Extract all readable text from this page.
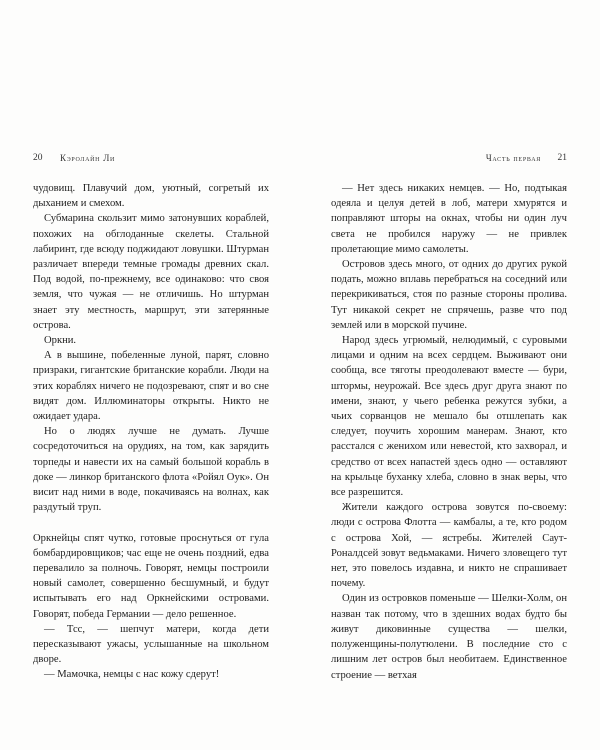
20 Кэролайн Ли

чудовищ. Плавучий дом, уютный, согретый их дыханием и смехом.

Субмарина скользит мимо затонувших кораблей, похожих на обглоданные скелеты. Стальной лабиринт, где всюду поджидают ловушки. Штурман различает впереди темные громады древних скал. Под водой, по-прежнему, все одинаково: что своя земля, что чужая — не отличишь. Но штурман знает эту местность, маршрут, эти затерянные острова.

Оркни.

А в вышине, побеленные луной, парят, словно призраки, гигантские британские корабли. Люди на этих кораблях ничего не подозревают, спят и во сне видят дом. Иллюминаторы открыты. Никто не ожидает удара.

Но о людях лучше не думать. Лучше сосредоточиться на орудиях, на том, как зарядить торпеды и навести их на самый большой корабль в доке — линкор британского флота «Ройял Оук». Он висит над ними в воде, покачиваясь на волнах, как раздутый труп.

Оркнейцы спят чутко, готовые проснуться от гула бомбардировщиков; час еще не очень поздний, едва перевалило за полночь. Говорят, немцы построили новый самолет, совершенно бесшумный, и будут испытывать его над Оркнейскими островами. Говорят, победа Германии — дело решенное.

— Тсс, — шепчут матери, когда дети пересказывают ужасы, услышанные на школьном дворе.

— Мамочка, немцы с нас кожу сдерут!

Часть первая 21

— Нет здесь никаких немцев. — Но, подтыкая одеяла и целуя детей в лоб, матери хмурятся и поправляют шторы на окнах, чтобы ни один луч света не пробился наружу — не привлек пролетающие мимо самолеты.

Островов здесь много, от одних до других рукой подать, можно вплавь перебраться на соседний или перекрикиваться, стоя по разные стороны пролива. Тут никакой секрет не спрячешь, разве что под землей или в морской пучине.

Народ здесь угрюмый, нелюдимый, с суровыми лицами и одним на всех сердцем. Выживают они сообща, все тяготы преодолевают вместе — бури, штормы, неурожай. Все здесь друг друга знают по имени, знают, у чьего ребенка режутся зубки, а чьих сорванцов не мешало бы отшлепать как следует, поучить хорошим манерам. Знают, кто расстался с женихом или невестой, кто захворал, и средство от всех напастей здесь одно — оставляют на крыльце буханку хлеба, словно в знак веры, что все разрешится.

Жители каждого острова зовутся по-своему: люди с острова Флотта — камбалы, а те, кто родом с острова Хой, — ястребы. Жителей Саут-Роналдсей зовут ведьмаками. Ничего зловещего тут нет, это повелось издавна, и никто не спрашивает почему.

Один из островков поменьше — Шелки-Холм, он назван так потому, что в здешних водах будто бы живут диковинные существа — шелки, полуженщины-полутюлени. В последние сто с лишним лет остров был необитаем. Единственное строение — ветхая
